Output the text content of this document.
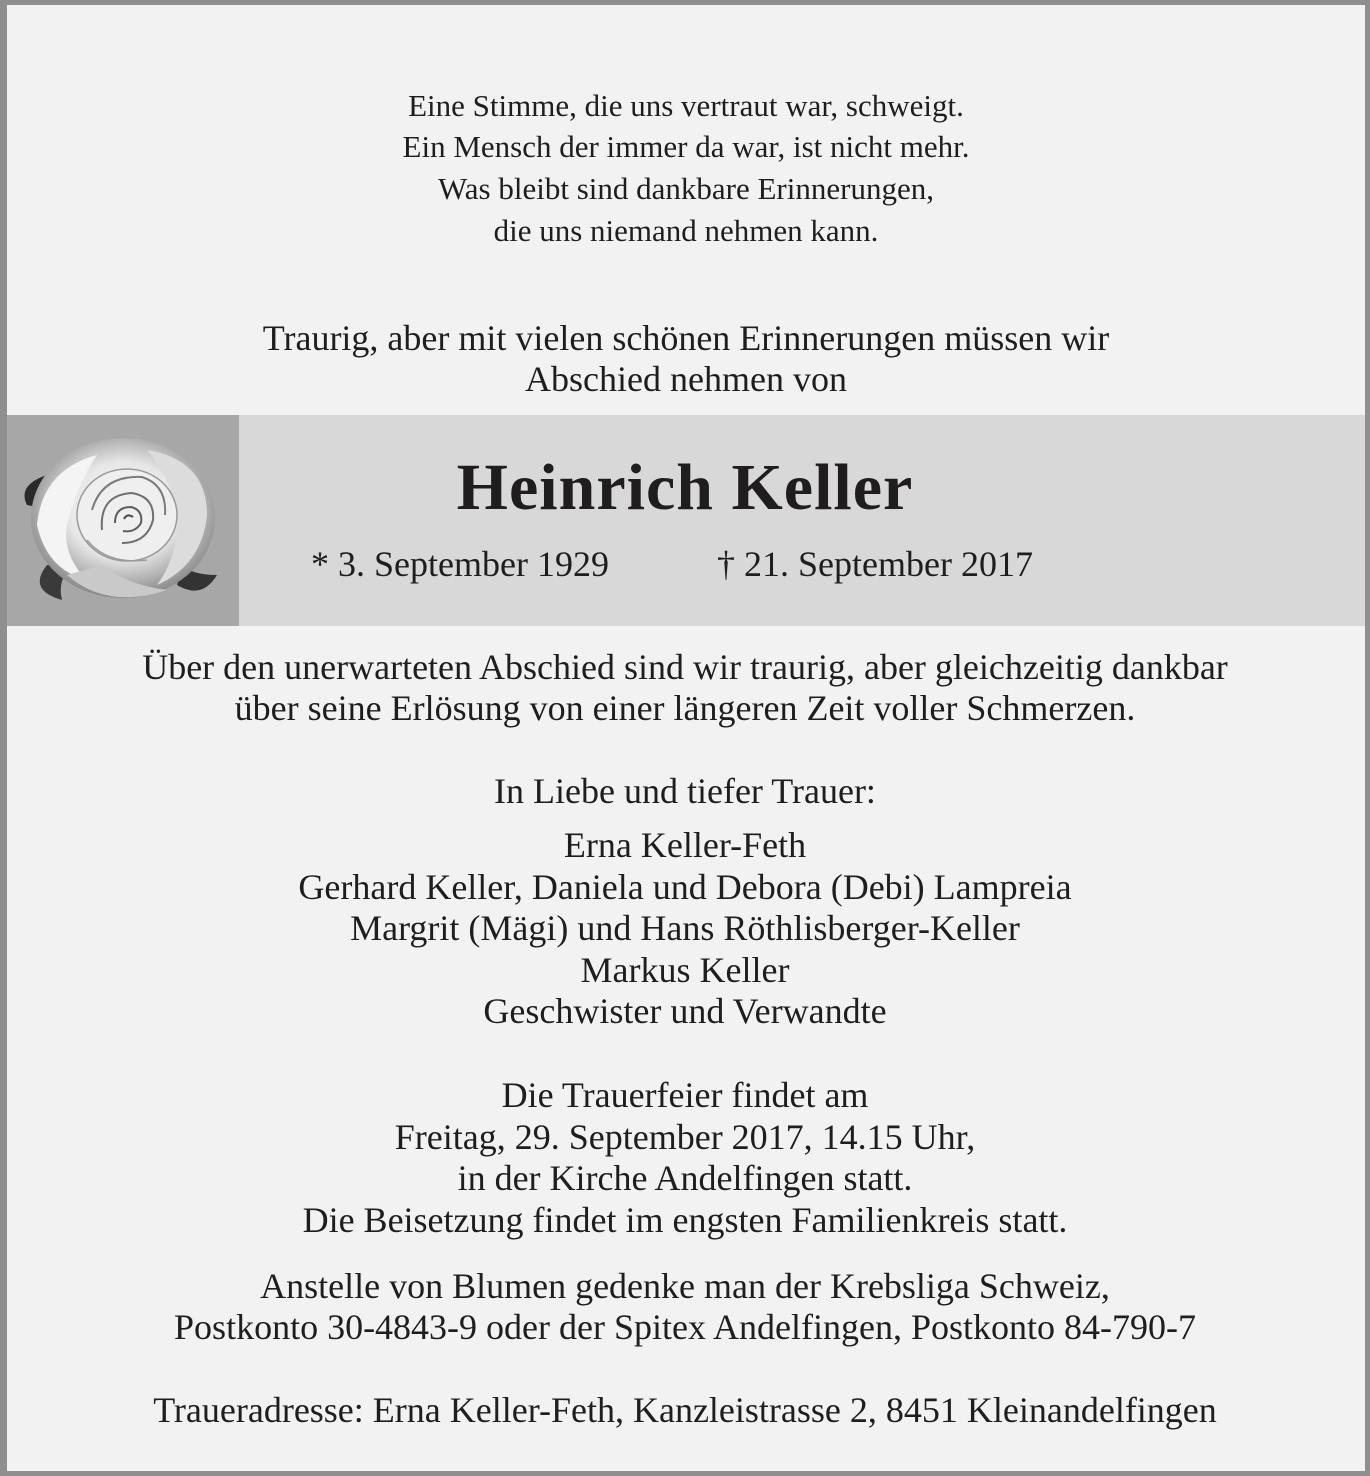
Eine Stimme, die uns vertraut war, schweigt.
Ein Mensch der immer da war, ist nicht mehr.
Was bleibt sind dankbare Erinnerungen,
die uns niemand nehmen kann.
Traurig, aber mit vielen schönen Erinnerungen müssen wir
Abschied nehmen von
Heinrich Keller
* 3. September 1929	† 21. September 2017
Über den unerwarteten Abschied sind wir traurig, aber gleichzeitig dankbar
über seine Erlösung von einer längeren Zeit voller Schmerzen.
In Liebe und tiefer Trauer:
Erna Keller-Feth
Gerhard Keller, Daniela und Debora (Debi) Lampreia
Margrit (Mägi) und Hans Röthlisberger-Keller
Markus Keller
Geschwister und Verwandte
Die Trauerfeier findet am
Freitag, 29. September 2017, 14.15 Uhr,
in der Kirche Andelfingen statt.
Die Beisetzung findet im engsten Familienkreis statt.
Anstelle von Blumen gedenke man der Krebsliga Schweiz,
Postkonto 30-4843-9 oder der Spitex Andelfingen, Postkonto 84-790-7
Traueradresse: Erna Keller-Feth, Kanzleistrasse 2, 8451 Kleinandelfingen
